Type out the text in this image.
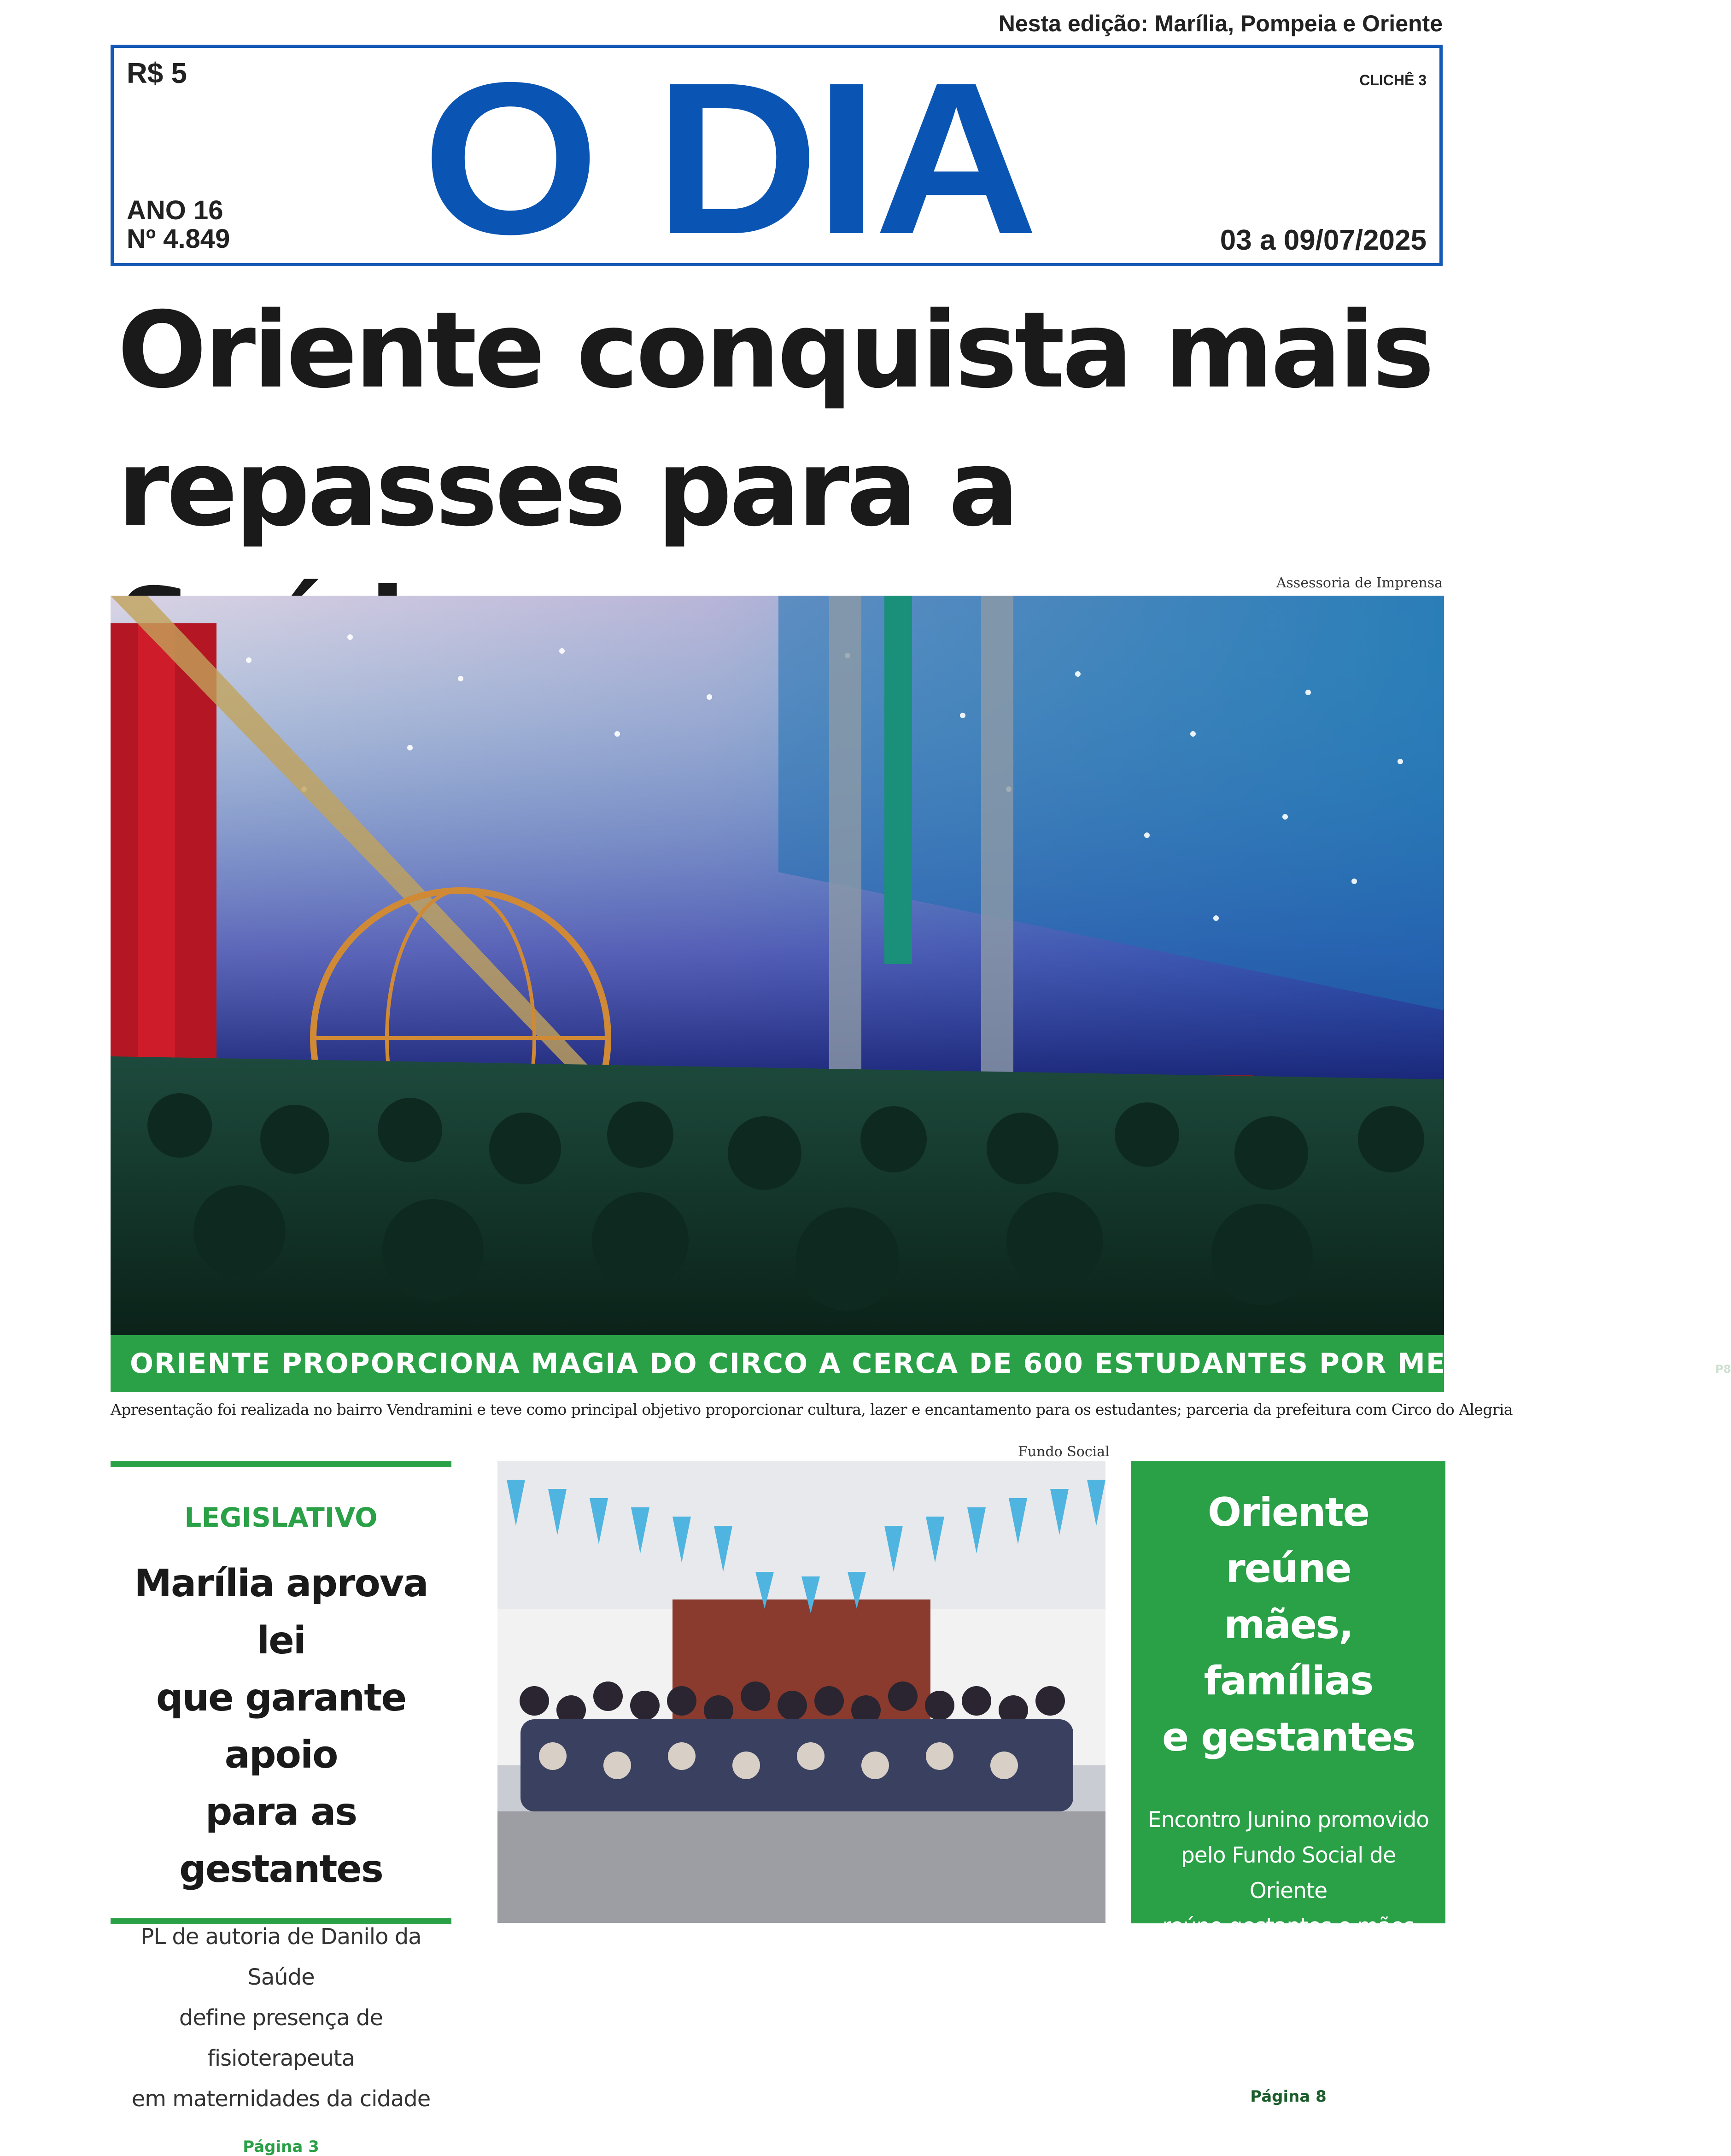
Nesta edição: Marília, Pompeia e Oriente
R$ 5	CLICHÊ 3
O DIA
ANO 16
Nº 4.849	03 a 09/07/2025
Oriente conquista mais
repasses para a
Assessoria de Imprensa
ORIENTE PROPORCIONA MAGIA DO CIRCO A CERCA DE 600 ESTUDANTES POR MEIO DE PARCERIA P8
Apresentação foi realizada no bairro Vendramini e teve como principal objetivo proporcionar cultura, lazer e encantamento para os estudantes; parceria da prefeitura com Circo do Alegria
LEGISLATIVO
Marília aprova lei
que garante apoio
para as gestantes
PL de autoria de Danilo da Saúde
define presença de fisioterapeuta
em maternidades da cidade
Página 3
Fundo Social
Oriente reúne
mães, famílias
e gestantes
Encontro Junino promovido
pelo Fundo Social de Oriente
reúne gestantes e mães para
momento de acolhimento e
celebração com familiares
Página 8
